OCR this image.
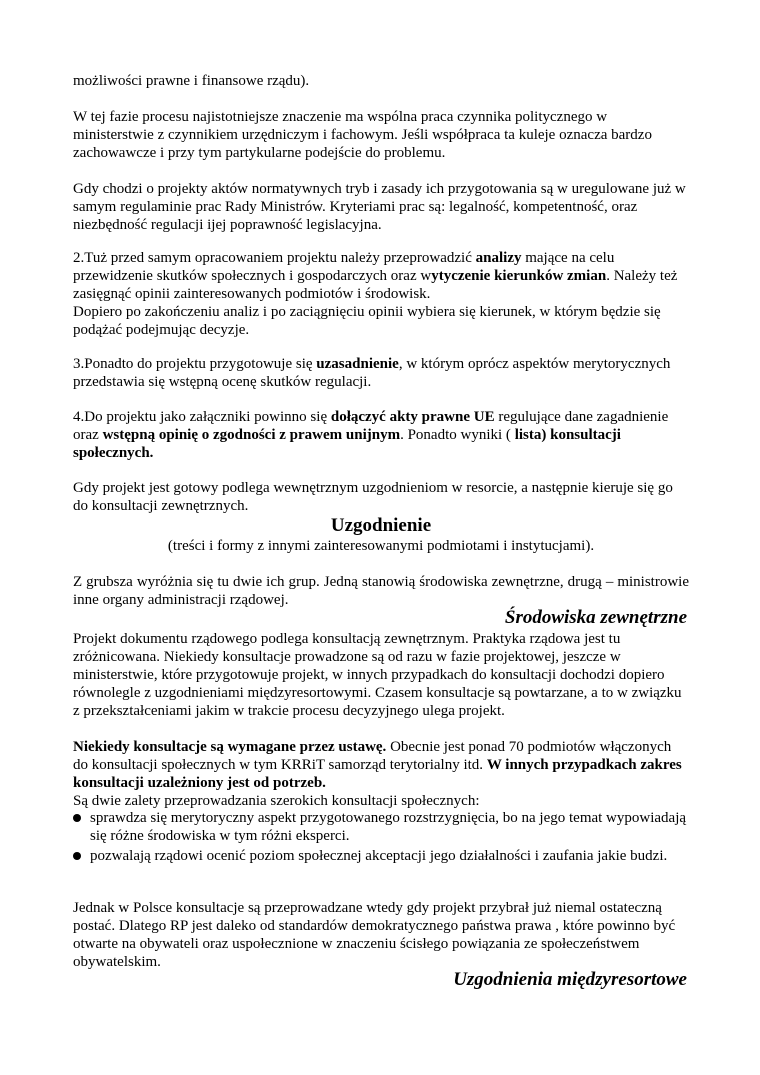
możliwości prawne i finansowe rządu).

W tej fazie procesu najistotniejsze znaczenie ma wspólna praca czynnika politycznego w ministerstwie z czynnikiem urzędniczym i fachowym. Jeśli współpraca ta kuleje oznacza bardzo zachowawcze i przy tym partykularne podejście do problemu.

Gdy chodzi o projekty aktów normatywnych tryb i zasady ich przygotowania są w uregulowane już w samym regulaminie prac Rady Ministrów. Kryteriami prac są: legalność, kompetentność, oraz niezbędność regulacji ijej poprawność legislacyjna.

2.Tuż przed samym opracowaniem projektu należy przeprowadzić analizy mające na celu przewidzenie skutków społecznych i gospodarczych oraz wytyczenie kierunków zmian. Należy też zasięgnąć opinii zainteresowanych podmiotów i środowisk.
Dopiero po zakończeniu analiz i po zaciągnięciu opinii wybiera się kierunek, w którym będzie się podążać podejmując decyzje.

3.Ponadto do projektu przygotowuje się uzasadnienie, w którym oprócz aspektów merytorycznych przedstawia się wstępną ocenę skutków regulacji.

4.Do projektu jako załączniki powinno się dołączyć akty prawne UE regulujące dane zagadnienie oraz wstępną opinię o zgodności z prawem unijnym. Ponadto wyniki ( lista) konsultacji społecznych.

Gdy projekt jest gotowy podlega wewnętrznym uzgodnieniom w resorcie, a następnie kieruje się go do konsultacji zewnętrznych.

Uzgodnienie

(treści i formy z innymi zainteresowanymi podmiotami i instytucjami).

Z grubsza wyróżnia się tu dwie ich grup. Jedną stanowią środowiska zewnętrzne, drugą – ministrowie inne organy administracji rządowej.

Środowiska zewnętrzne

Projekt dokumentu rządowego podlega konsultacją zewnętrznym. Praktyka rządowa jest tu zróżnicowana. Niekiedy konsultacje prowadzone są od razu w fazie projektowej, jeszcze w ministerstwie, które przygotowuje projekt, w innych przypadkach do konsultacji dochodzi dopiero równolegle z uzgodnieniami międzyresortowymi. Czasem konsultacje są powtarzane, a to w związku z przekształceniami jakim w trakcie procesu decyzyjnego ulega projekt.

Niekiedy konsultacje są wymagane przez ustawę. Obecnie jest ponad 70 podmiotów włączonych do konsultacji społecznych w tym KRRiT samorząd terytorialny itd. W innych przypadkach zakres konsultacji uzależniony jest od potrzeb.
Są dwie zalety przeprowadzania szerokich konsultacji społecznych:

sprawdza się merytoryczny aspekt przygotowanego rozstrzygnięcia, bo na jego temat wypowiadają się różne środowiska w tym różni eksperci.
pozwalają rządowi ocenić poziom społecznej akceptacji jego działalności i zaufania jakie budzi.

Jednak w Polsce konsultacje są przeprowadzane wtedy gdy projekt przybrał już niemal ostateczną postać. Dlatego RP jest daleko od standardów demokratycznego państwa prawa , które powinno być otwarte na obywateli oraz uspołecznione w znaczeniu ścisłego powiązania ze społeczeństwem obywatelskim.

Uzgodnienia międzyresortowe
